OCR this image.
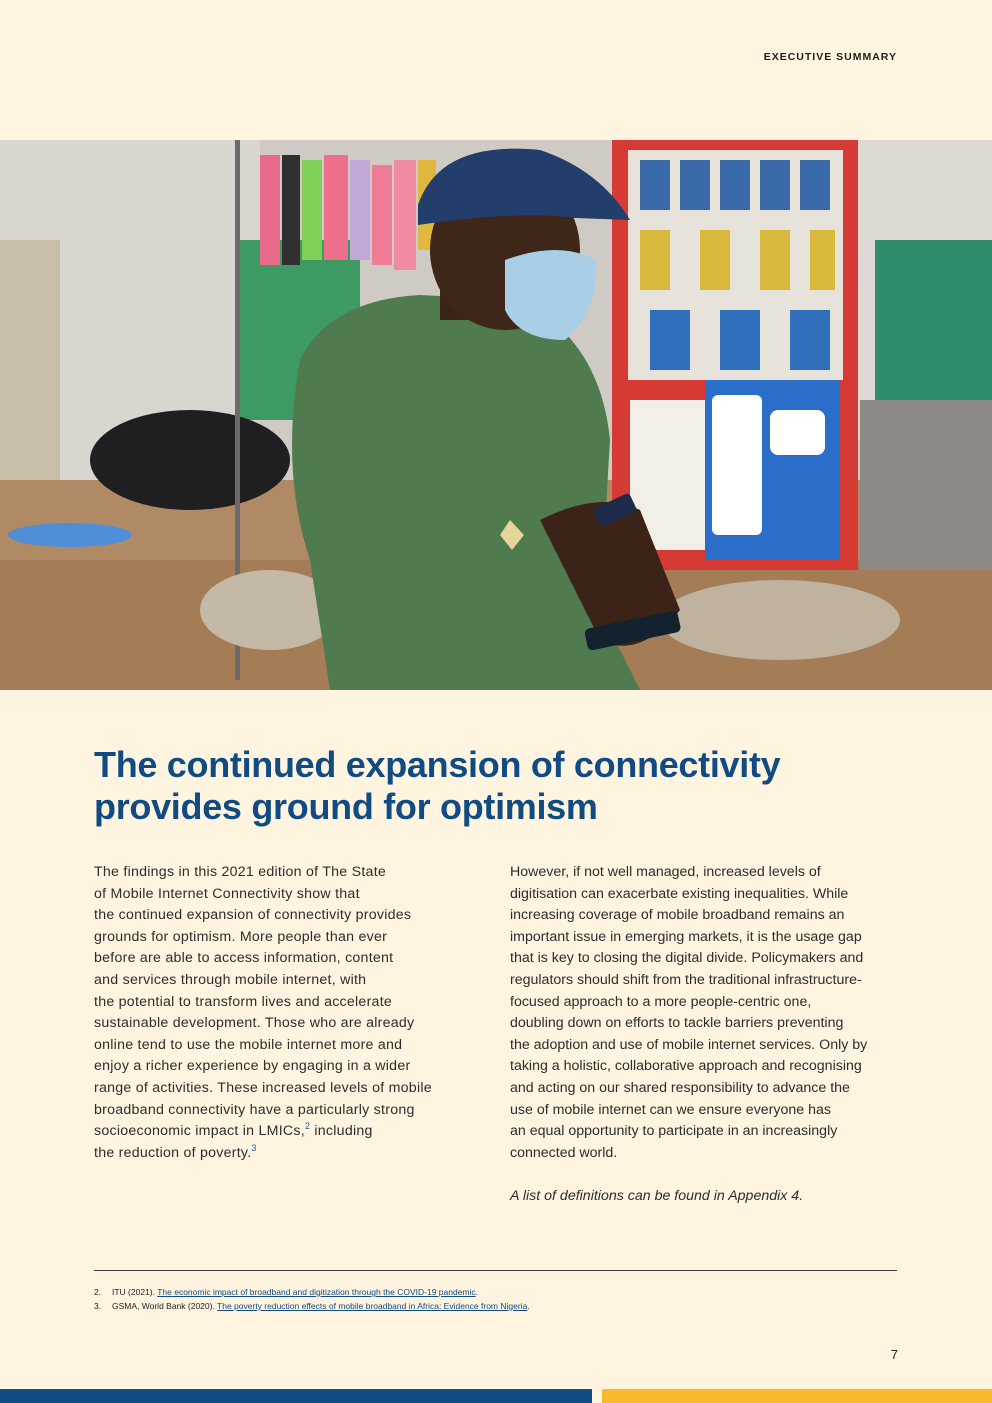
EXECUTIVE SUMMARY
The continued expansion of connectivity
provides ground for optimism
The findings in this 2021 edition of The State
of Mobile Internet Connectivity show that
the continued expansion of connectivity provides
grounds for optimism. More people than ever
before are able to access information, content
and services through mobile internet, with
the potential to transform lives and accelerate
sustainable development. Those who are already
online tend to use the mobile internet more and
enjoy a richer experience by engaging in a wider
range of activities. These increased levels of mobile
broadband connectivity have a particularly strong
socioeconomic impact in LMICs,$^2$ including
the reduction of poverty.$^3$
However, if not well managed, increased levels of
digitisation can exacerbate existing inequalities. While
increasing coverage of mobile broadband remains an
important issue in emerging markets, it is the usage gap
that is key to closing the digital divide. Policymakers and
regulators should shift from the traditional infrastructure-
focused approach to a more people-centric one,
doubling down on efforts to tackle barriers preventing
the adoption and use of mobile internet services. Only by
taking a holistic, collaborative approach and recognising
and acting on our shared responsibility to advance the
use of mobile internet can we ensure everyone has
an equal opportunity to participate in an increasingly
connected world.
A list of definitions can be found in Appendix 4.
2.	ITU (2021). The economic impact of broadband and digitization through the COVID-19 pandemic.
3.	GSMA, World Bank (2020). The poverty reduction effects of mobile broadband in Africa: Evidence from Nigeria.
7
